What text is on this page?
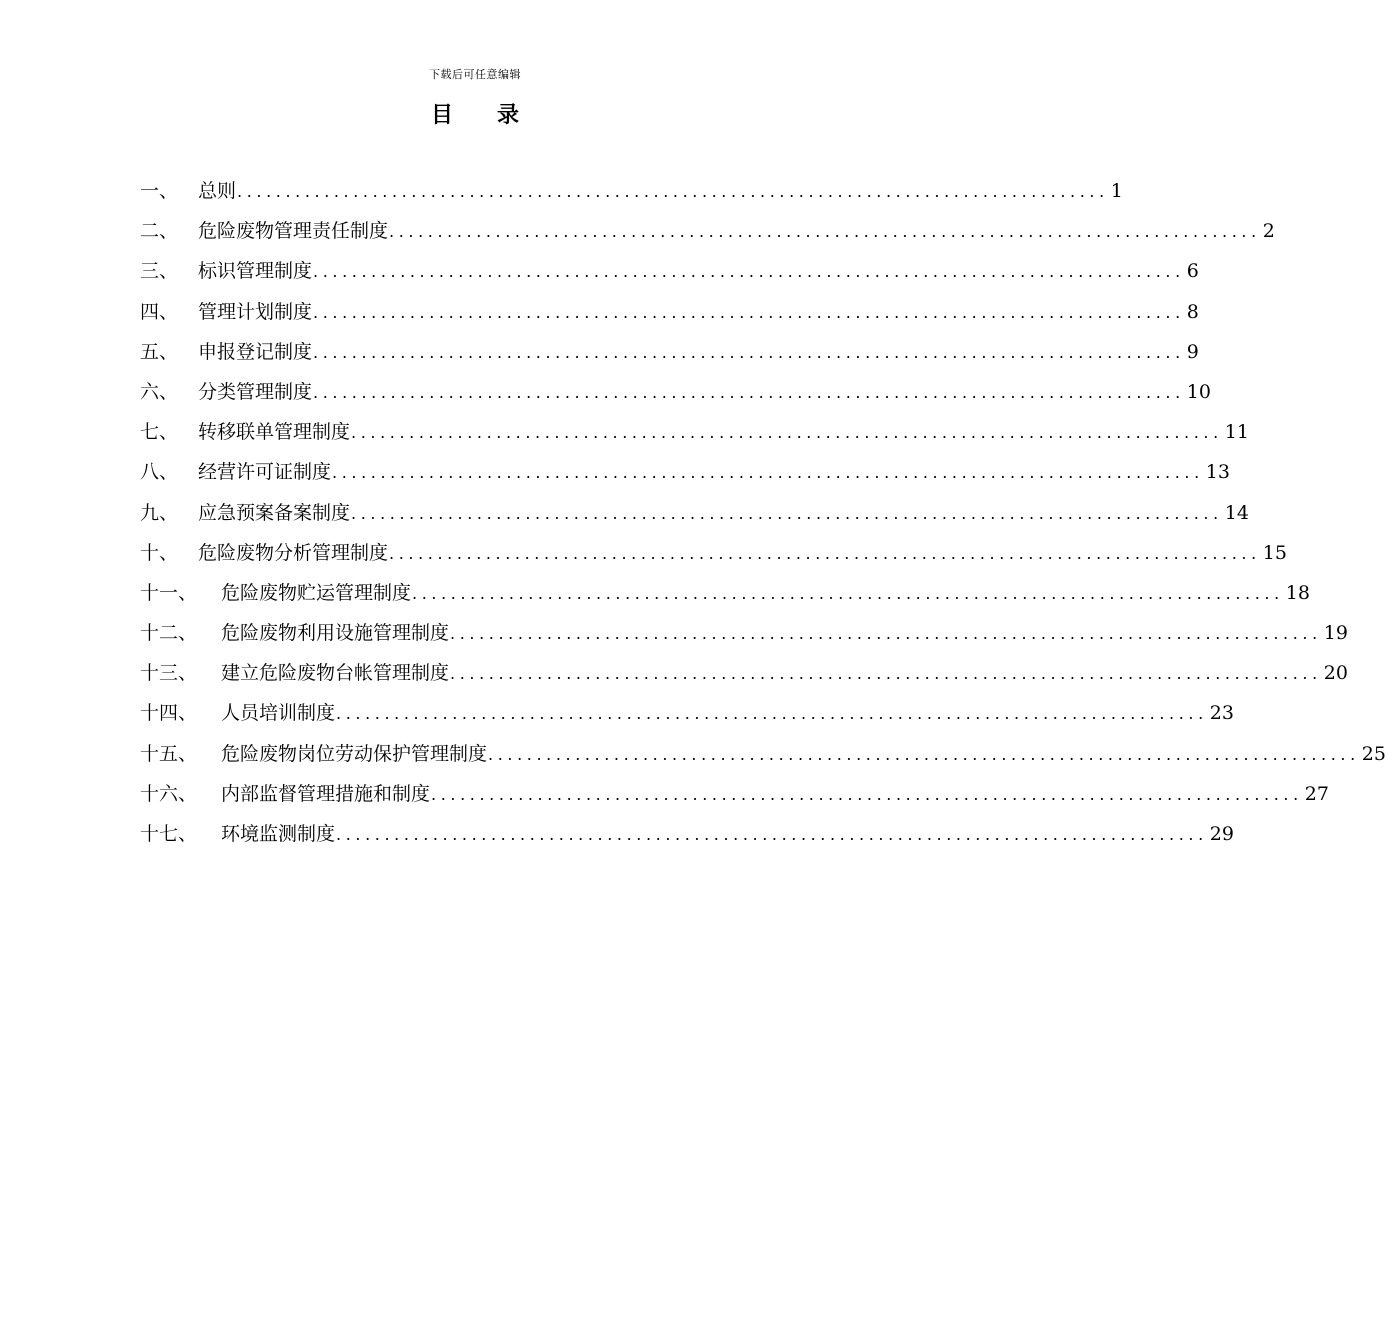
下载后可任意编辑
目 录
一、	总则 .......................................................................................... 1
二、	危险废物管理责任制度 .......................................................................................... 2
三、	标识管理制度 .......................................................................................... 6
四、	管理计划制度 .......................................................................................... 8
五、	申报登记制度 .......................................................................................... 9
六、	分类管理制度 .......................................................................................... 10
七、	转移联单管理制度 .......................................................................................... 11
八、	经营许可证制度 .......................................................................................... 13
九、	应急预案备案制度 .......................................................................................... 14
十、	危险废物分析管理制度 .......................................................................................... 15
十一、	危险废物贮运管理制度 .......................................................................................... 18
十二、	危险废物利用设施管理制度 .......................................................................................... 19
十三、	建立危险废物台帐管理制度 .......................................................................................... 20
十四、	人员培训制度 .......................................................................................... 23
十五、	危险废物岗位劳动保护管理制度 .......................................................................................... 25
十六、	内部监督管理措施和制度 .......................................................................................... 27
十七、	环境监测制度 .......................................................................................... 29
